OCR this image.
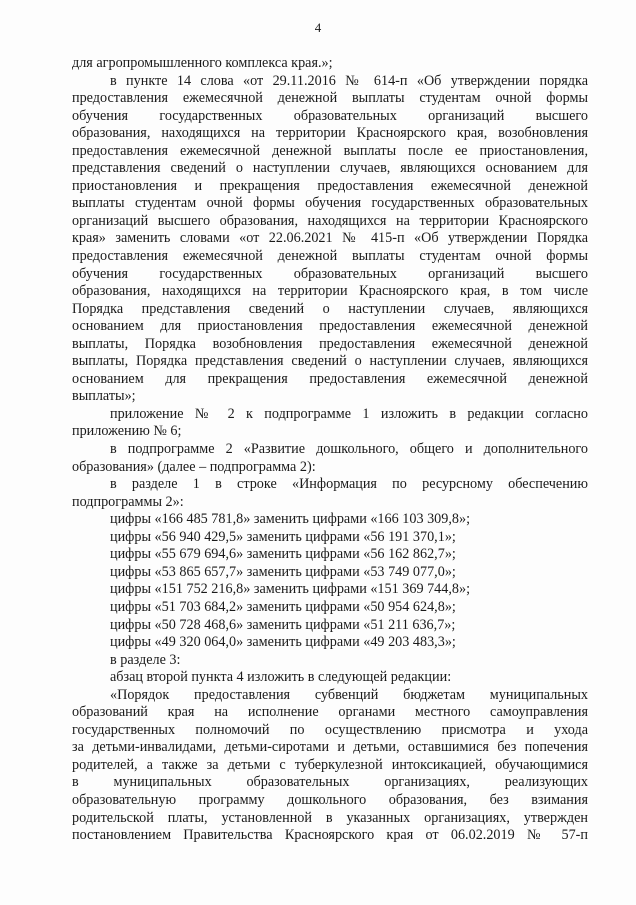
4
для агропромышленного комплекса края.»;
в пункте 14 слова «от 29.11.2016 № 614-п «Об утверждении порядка
предоставления ежемесячной денежной выплаты студентам очной формы
обучения государственных образовательных организаций высшего
образования, находящихся на территории Красноярского края, возобновления
предоставления ежемесячной денежной выплаты после ее приостановления,
представления сведений о наступлении случаев, являющихся основанием для
приостановления и прекращения предоставления ежемесячной денежной
выплаты студентам очной формы обучения государственных образовательных
организаций высшего образования, находящихся на территории Красноярского
края» заменить словами «от 22.06.2021 № 415-п «Об утверждении Порядка
предоставления ежемесячной денежной выплаты студентам очной формы
обучения государственных образовательных организаций высшего
образования, находящихся на территории Красноярского края, в том числе
Порядка представления сведений о наступлении случаев, являющихся
основанием для приостановления предоставления ежемесячной денежной
выплаты, Порядка возобновления предоставления ежемесячной денежной
выплаты, Порядка представления сведений о наступлении случаев, являющихся
основанием для прекращения предоставления ежемесячной денежной
выплаты»;
приложение № 2 к подпрограмме 1 изложить в редакции согласно
приложению № 6;
в подпрограмме 2 «Развитие дошкольного, общего и дополнительного
образования» (далее – подпрограмма 2):
в разделе 1 в строке «Информация по ресурсному обеспечению
подпрограммы 2»:
цифры «166 485 781,8» заменить цифрами «166 103 309,8»;
цифры «56 940 429,5» заменить цифрами «56 191 370,1»;
цифры «55 679 694,6» заменить цифрами «56 162 862,7»;
цифры «53 865 657,7» заменить цифрами «53 749 077,0»;
цифры «151 752 216,8» заменить цифрами «151 369 744,8»;
цифры «51 703 684,2» заменить цифрами «50 954 624,8»;
цифры «50 728 468,6» заменить цифрами «51 211 636,7»;
цифры «49 320 064,0» заменить цифрами «49 203 483,3»;
в разделе 3:
абзац второй пункта 4 изложить в следующей редакции:
«Порядок предоставления субвенций бюджетам муниципальных
образований края на исполнение органами местного самоуправления
государственных полномочий по осуществлению присмотра и ухода
за детьми-инвалидами, детьми-сиротами и детьми, оставшимися без попечения
родителей, а также за детьми с туберкулезной интоксикацией, обучающимися
в муниципальных образовательных организациях, реализующих
образовательную программу дошкольного образования, без взимания
родительской платы, установленной в указанных организациях, утвержден
постановлением Правительства Красноярского края от 06.02.2019 № 57-п
